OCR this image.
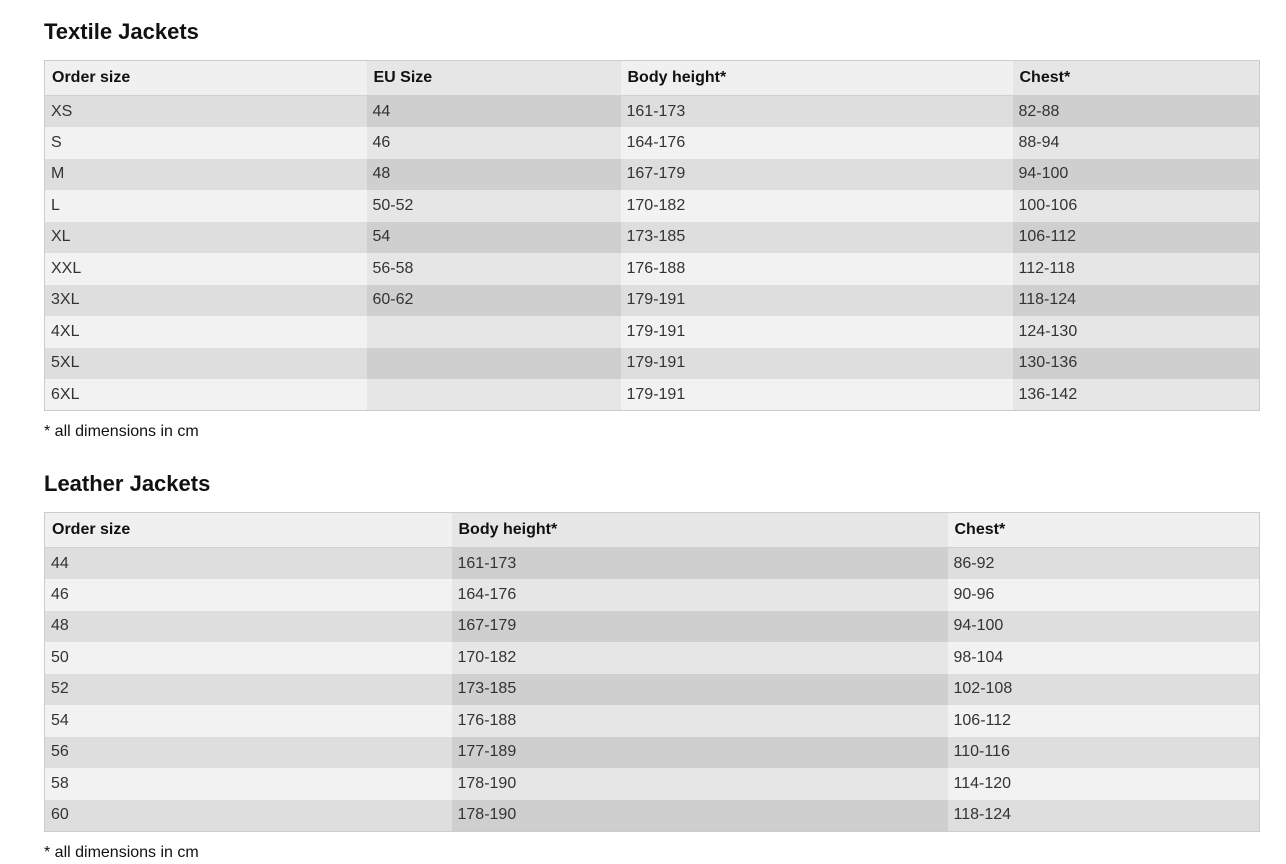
Textile Jackets
Order size	EU Size	Body height*	Chest*
XS	44	161-173	82-88
S	46	164-176	88-94
M	48	167-179	94-100
L	50-52	170-182	100-106
XL	54	173-185	106-112
XXL	56-58	176-188	112-118
3XL	60-62	179-191	118-124
4XL		179-191	124-130
5XL		179-191	130-136
6XL		179-191	136-142

* all dimensions in cm

Leather Jackets
Order size	Body height*	Chest*
44	161-173	86-92
46	164-176	90-96
48	167-179	94-100
50	170-182	98-104
52	173-185	102-108
54	176-188	106-112
56	177-189	110-116
58	178-190	114-120
60	178-190	118-124

* all dimensions in cm
